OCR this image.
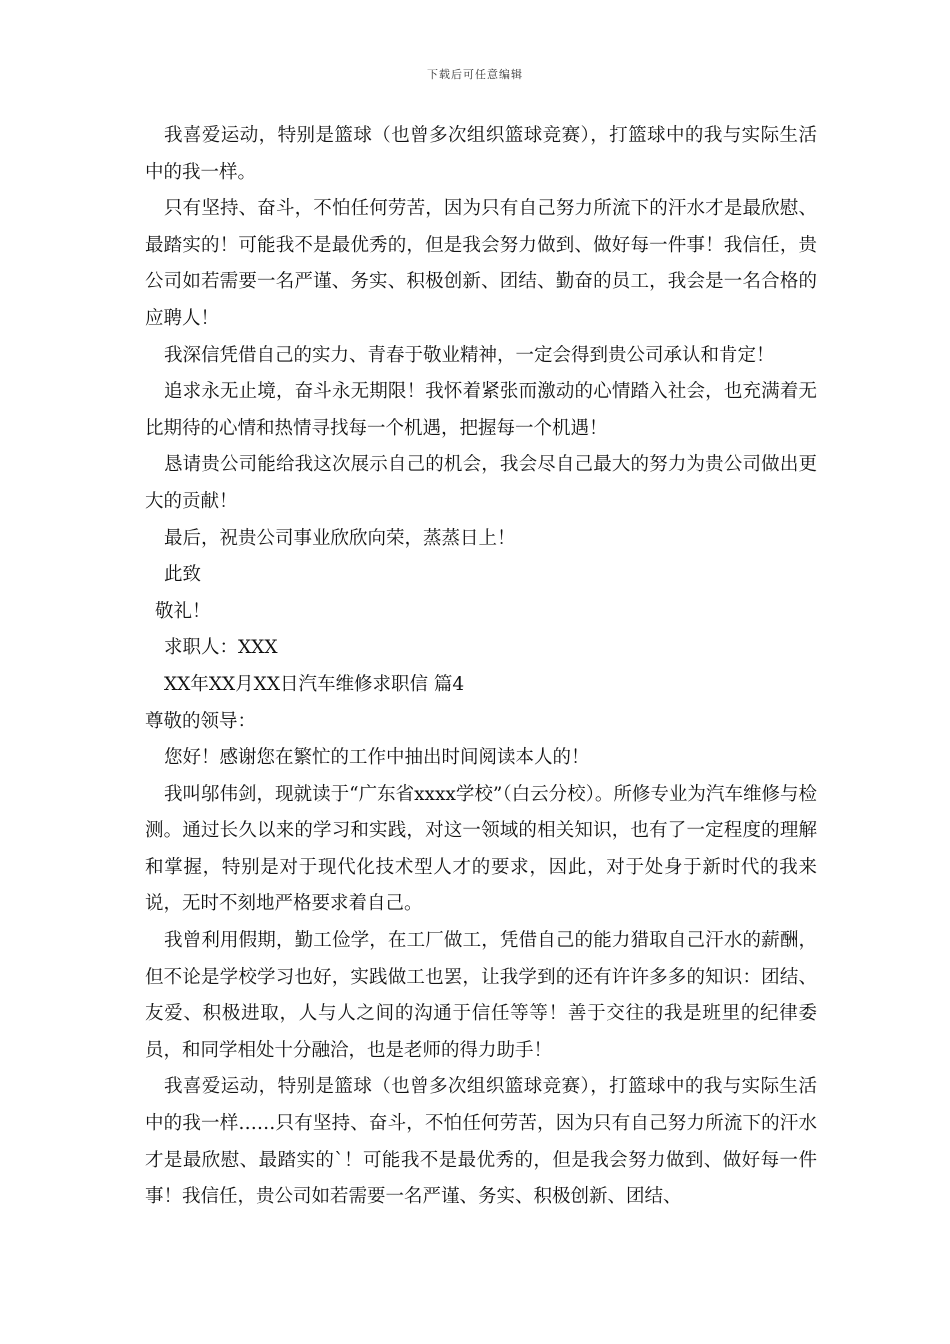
下载后可任意编辑

我喜爱运动，特别是篮球（也曾多次组织篮球竞赛），打篮球中的我与实际生活中的我一样。

只有坚持、奋斗，不怕任何劳苦，因为只有自己努力所流下的汗水才是最欣慰、最踏实的！可能我不是最优秀的，但是我会努力做到、做好每一件事！我信任，贵公司如若需要一名严谨、务实、积极创新、团结、勤奋的员工，我会是一名合格的应聘人！

我深信凭借自己的实力、青春于敬业精神，一定会得到贵公司承认和肯定！

追求永无止境，奋斗永无期限！我怀着紧张而激动的心情踏入社会，也充满着无比期待的心情和热情寻找每一个机遇，把握每一个机遇！

恳请贵公司能给我这次展示自己的机会，我会尽自己最大的努力为贵公司做出更大的贡献！

最后，祝贵公司事业欣欣向荣，蒸蒸日上！

此致

敬礼！

求职人：XXX

XX年XX月XX日汽车维修求职信 篇4

尊敬的领导：

您好！感谢您在繁忙的工作中抽出时间阅读本人的！

我叫邬伟剑，现就读于“广东省xxxx学校”（白云分校）。所修专业为汽车维修与检测。通过长久以来的学习和实践，对这一领域的相关知识，也有了一定程度的理解和掌握，特别是对于现代化技术型人才的要求，因此，对于处身于新时代的我来说，无时不刻地严格要求着自己。

我曾利用假期，勤工俭学，在工厂做工，凭借自己的能力猎取自己汗水的薪酬，但不论是学校学习也好，实践做工也罢，让我学到的还有许许多多的知识：团结、友爱、积极进取，人与人之间的沟通于信任等等！善于交往的我是班里的纪律委员，和同学相处十分融洽，也是老师的得力助手！

我喜爱运动，特别是篮球（也曾多次组织篮球竞赛），打篮球中的我与实际生活中的我一样……只有坚持、奋斗，不怕任何劳苦，因为只有自己努力所流下的汗水才是最欣慰、最踏实的`！可能我不是最优秀的，但是我会努力做到、做好每一件事！我信任，贵公司如若需要一名严谨、务实、积极创新、团结、
